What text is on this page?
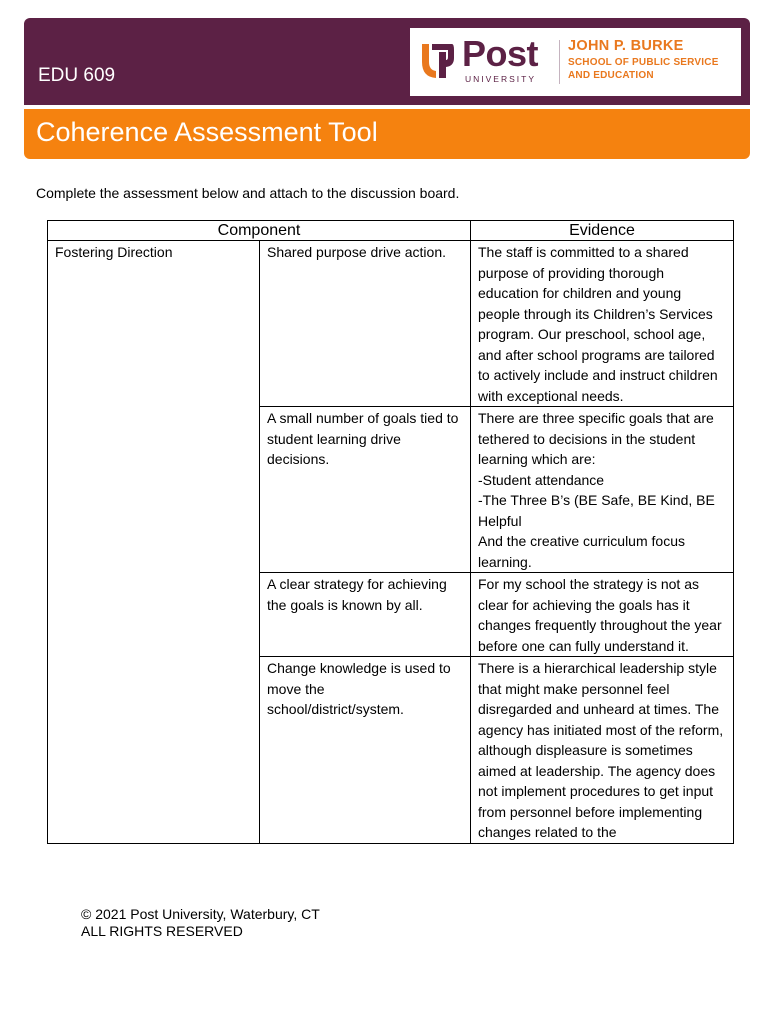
EDU 609
Post
UNIVERSITY
JOHN P. BURKE
SCHOOL OF PUBLIC SERVICE
AND EDUCATION
Coherence Assessment Tool
Complete the assessment below and attach to the discussion board.
Component		Evidence
Fostering Direction	Shared purpose drive action.	The staff is committed to a shared purpose of providing thorough education for children and young people through its Children’s Services program. Our preschool, school age, and after school programs are tailored to actively include and instruct children with exceptional needs.
	A small number of goals tied to student learning drive decisions.	There are three specific goals that are tethered to decisions in the student learning which are:
-Student attendance
-The Three B’s (BE Safe, BE Kind, BE Helpful
And the creative curriculum focus learning.
	A clear strategy for achieving the goals is known by all.	For my school the strategy is not as clear for achieving the goals has it changes frequently throughout the year before one can fully understand it.
	Change knowledge is used to move the school/district/system.	There is a hierarchical leadership style that might make personnel feel disregarded and unheard at times. The agency has initiated most of the reform, although displeasure is sometimes aimed at leadership. The agency does
not implement procedures to get input from personnel before implementing changes related to the
© 2021 Post University, Waterbury, CT
ALL RIGHTS RESERVED
